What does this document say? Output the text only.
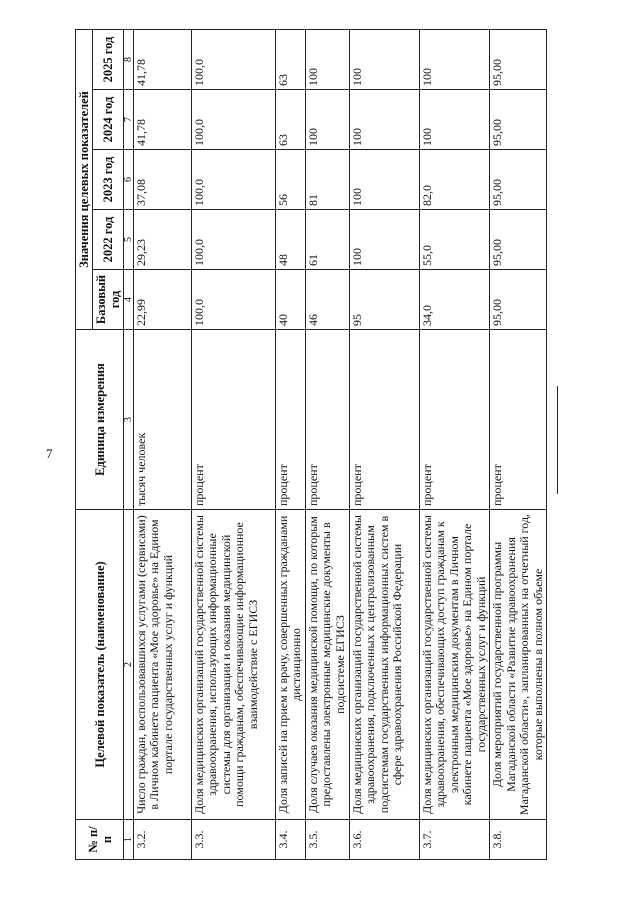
7
№ п/п	Целевой показатель (наименование)	Единица измерения	Значения целевых показателей				
			Базовый год	2022 год	2023 год	2024 год	2025 год
1	2	3	4	5	6	7	8
3.2.	Число граждан, воспользовавшихся услугами (сервисами) в Личном кабинете пациента «Мое здоровье» на Едином портале государственных услуг и функций	тысяч человек	22,99	29,23	37,08	41,78	41,78
3.3.	Доля медицинских организаций государственной системы здравоохранения, использующих информационные системы для организации и оказания медицинской помощи гражданам, обеспечивающие информационное взаимодействие с ЕГИСЗ	процент	100,0	100,0	100,0	100,0	100,0
3.4.	Доля записей на прием к врачу, совершенных гражданами дистанционно	процент	40	48	56	63	63
3.5.	Доля случаев оказания медицинской помощи, по которым предоставлены электронные медицинские документы в подсистеме ЕГИСЗ	процент	46	61	81	100	100
3.6.	Доля медицинских организаций государственной системы здравоохранения, подключенных к централизованным подсистемам государственных информационных систем в сфере здравоохранения Российской Федерации	процент	95	100	100	100	100
3.7.	Доля медицинских организаций государственной системы здравоохранения, обеспечивающих доступ гражданам к электронным медицинским документам в Личном кабинете пациента «Мое здоровье» на Едином портале государственных услуг и функций	процент	34,0	55,0	82,0	100	100
3.8.	Доля мероприятий государственной программы Магаданской области «Развитие здравоохранения Магаданской области», запланированных на отчетный год, которые выполнены в полном объеме	процент	95,00	95,00	95,00	95,00	95,00
